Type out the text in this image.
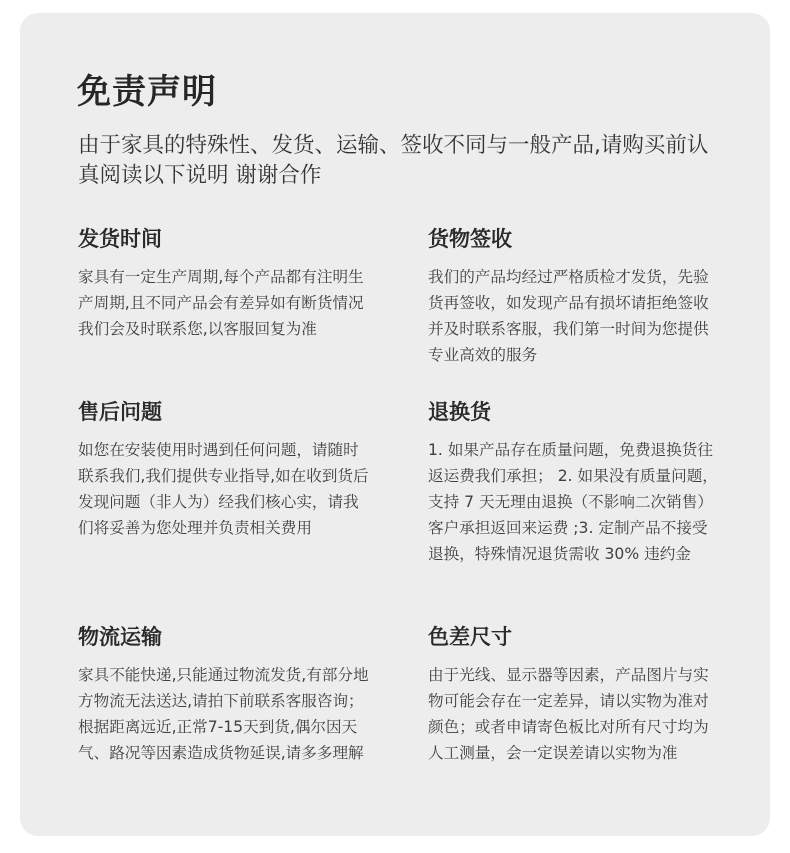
免责声明

由于家具的特殊性、发货、运输、签收不同与一般产品,请购买前认真阅读以下说明 谢谢合作

发货时间

家具有一定生产周期,每个产品都有注明生产周期,且不同产品会有差异如有断货情况我们会及时联系您,以客服回复为准

货物签收

我们的产品均经过严格质检才发货，先验货再签收，如发现产品有损坏请拒绝签收并及时联系客服，我们第一时间为您提供专业高效的服务

售后问题

如您在安装使用时遇到任何问题，请随时联系我们,我们提供专业指导,如在收到货后发现问题（非人为）经我们核心实，请我们将妥善为您处理并负责相关费用

退换货

1. 如果产品存在质量问题，免费退换货往返运费我们承担； 2. 如果没有质量问题，支持 7 天无理由退换（不影响二次销售）客户承担返回来运费 ;3. 定制产品不接受退换，特殊情况退货需收 30% 违约金

物流运输

家具不能快递,只能通过物流发货,有部分地方物流无法送达,请拍下前联系客服咨询；根据距离远近,正常7-15天到货,偶尔因天气、路况等因素造成货物延误,请多多理解

色差尺寸

由于光线、显示器等因素，产品图片与实物可能会存在一定差异，请以实物为准对颜色；或者申请寄色板比对所有尺寸均为人工测量，会一定误差请以实物为准
